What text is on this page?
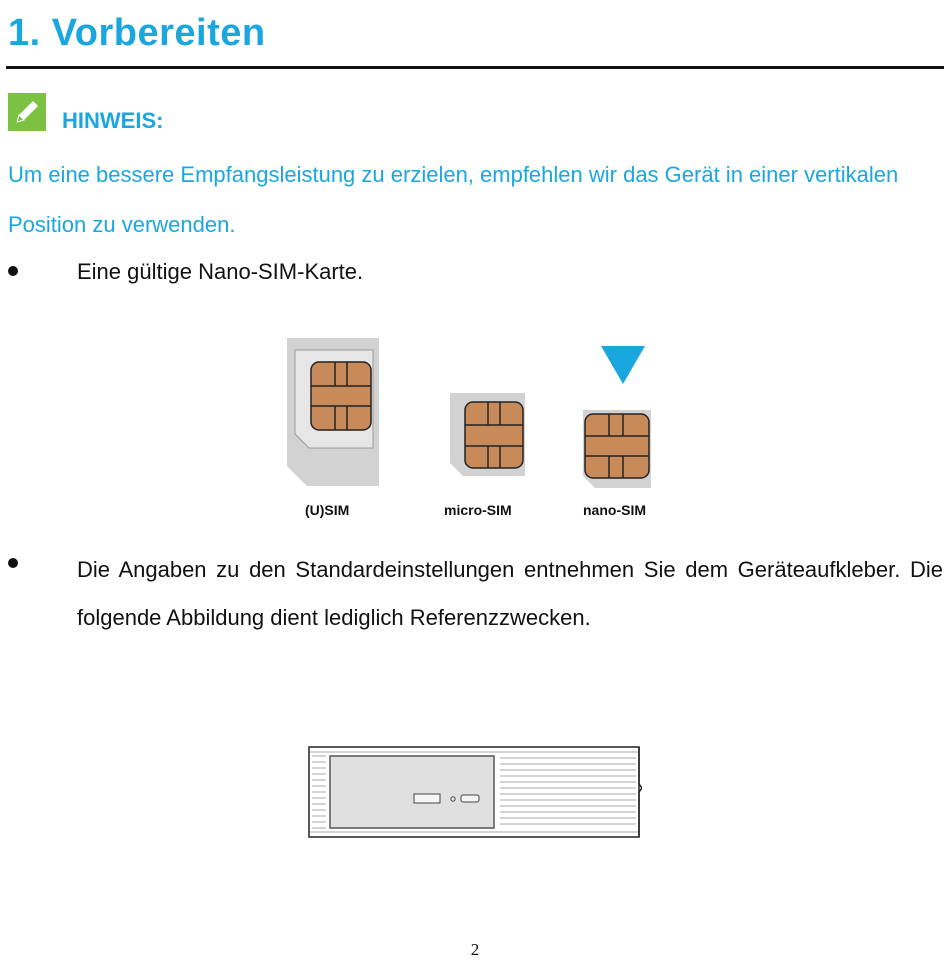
1. Vorbereiten
HINWEIS:
Um eine bessere Empfangsleistung zu erzielen, empfehlen wir das Gerät in einer vertikalen Position zu verwenden.
Eine gültige Nano-SIM-Karte.
(U)SIM	micro-SIM	nano-SIM
Die Angaben zu den Standardeinstellungen entnehmen Sie dem Geräteaufkleber. Die folgende Abbildung dient lediglich Referenzzwecken.
2
